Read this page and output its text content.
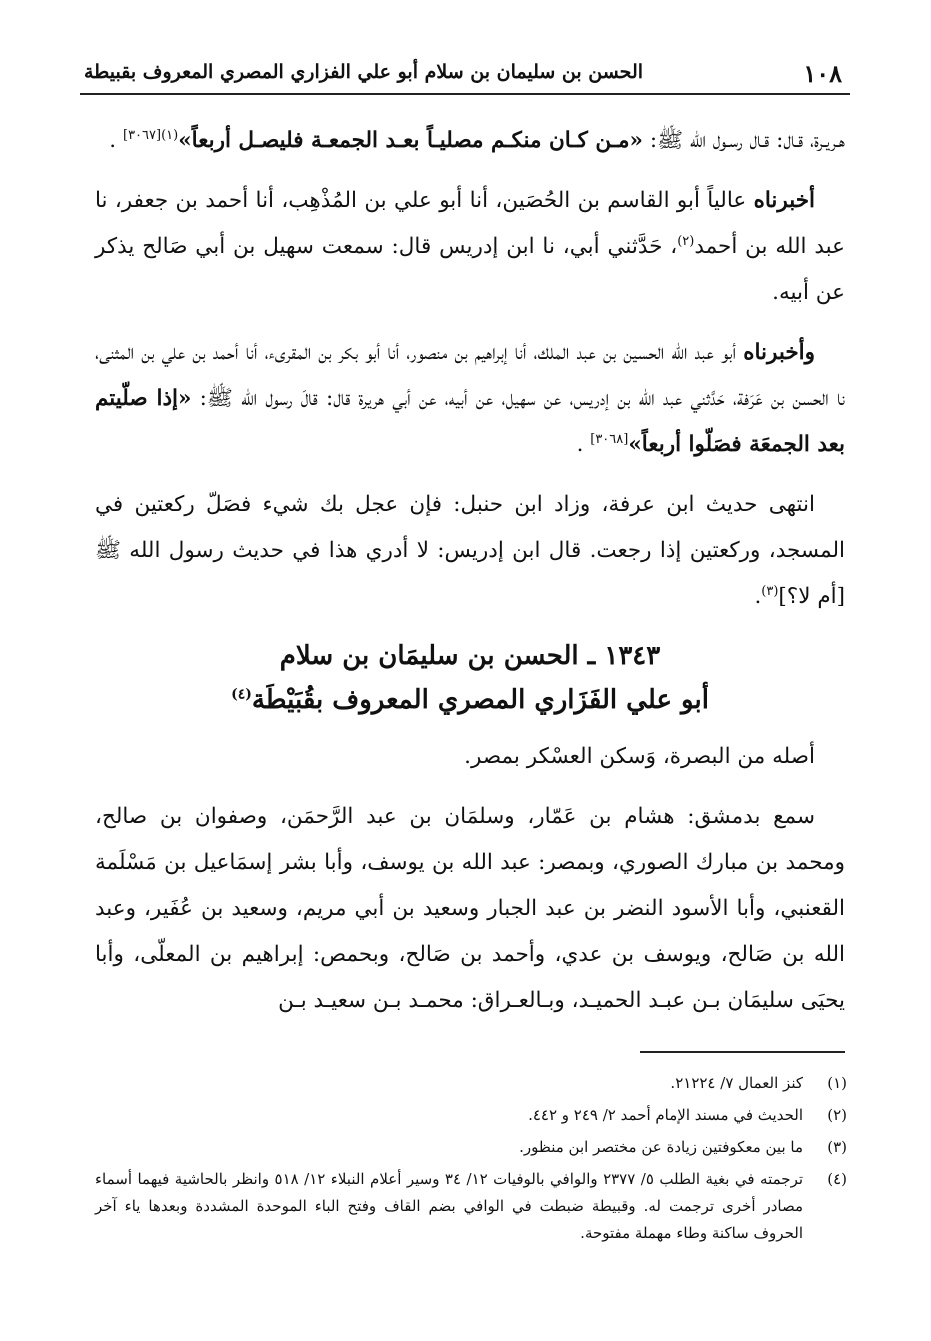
١٠٨
الحسن بن سليمان بن سلام أبو علي الفزاري المصري المعروف بقبيطة

هـريـرة، قـال: قـال رسـول الله ﷺ: «مـن كـان منكـم مصليـاً بعـد الجمعـة فليصـل أربعاً»$^{(١)[٣٠٦٧]}$ .

أخبرناه عالياً أبو القاسم بن الحُصَين، أنا أبو علي بن المُذْهِب، أنا أحمد بن جعفر، نا عبد الله بن أحمد$^{(٢)}$، حَدَّثني أبي، نا ابن إدريس قال: سمعت سهيل بن أبي صَالح يذكر عن أبيه.

وأخبرناه أبو عبد الله الحسين بن عبد الملك، أنا إبراهيم بن منصور، أنا أبو بكر بن المقرىء، أنا أحمد بن علي بن المثنى، نا الحسن بن عَرَفة، حَدَّثني عبد الله بن إدريس، عن سهيل، عن أبيه، عن أبي هريرة قال: قالَ رسول الله ﷺ: «إذا صلّيتم بعد الجمعَة فصَلّوا أربعاً»[٣٠٦٨] .

انتهى حديث ابن عرفة، وزاد ابن حنبل: فإن عجل بك شيء فصَلّ ركعتين في المسجد، وركعتين إذا رجعت. قال ابن إدريس: لا أدري هذا في حديث رسول الله ﷺ [أم لا؟]$^{(٣)}$.

١٣٤٣ ـ الحسن بن سليمَان بن سلام
أبو علي الفَزَاري المصري المعروف بقُبَيْطَة$^{(٤)}$

أصله من البصرة، وَسكن العسْكر بمصر.

سمع بدمشق: هشام بن عَمّار، وسلمَان بن عبد الرَّحمَن، وصفوان بن صالح، ومحمد بن مبارك الصوري، وبمصر: عبد الله بن يوسف، وأبا بشر إسمَاعيل بن مَسْلَمة القعنبي، وأبا الأسود النضر بن عبد الجبار وسعيد بن أبي مريم، وسعيد بن عُفَير، وعبد الله بن صَالح، ويوسف بن عدي، وأحمد بن صَالح، وبحمص: إبراهيم بن المعلّى، وأبا يحيَى سليمَان بـن عبـد الحميـد، وبـالعـراق: محمـد بـن سعيـد بـن

(١)
كنز العمال ٧/ ٢١٢٢٤.
(٢)
الحديث في مسند الإمام أحمد ٢/ ٢٤٩ و ٤٤٢.
(٣)
ما بين معكوفتين زيادة عن مختصر ابن منظور.
(٤)
ترجمته في بغية الطلب ٥/ ٢٣٧٧ والوافي بالوفيات ١٢/ ٣٤ وسير أعلام النبلاء ١٢/ ٥١٨ وانظر بالحاشية فيهما أسماء مصادر أخرى ترجمت له. وقبيطة ضبطت في الوافي بضم القاف وفتح الباء الموحدة المشددة وبعدها ياء آخر الحروف ساكنة وطاء مهملة مفتوحة.
